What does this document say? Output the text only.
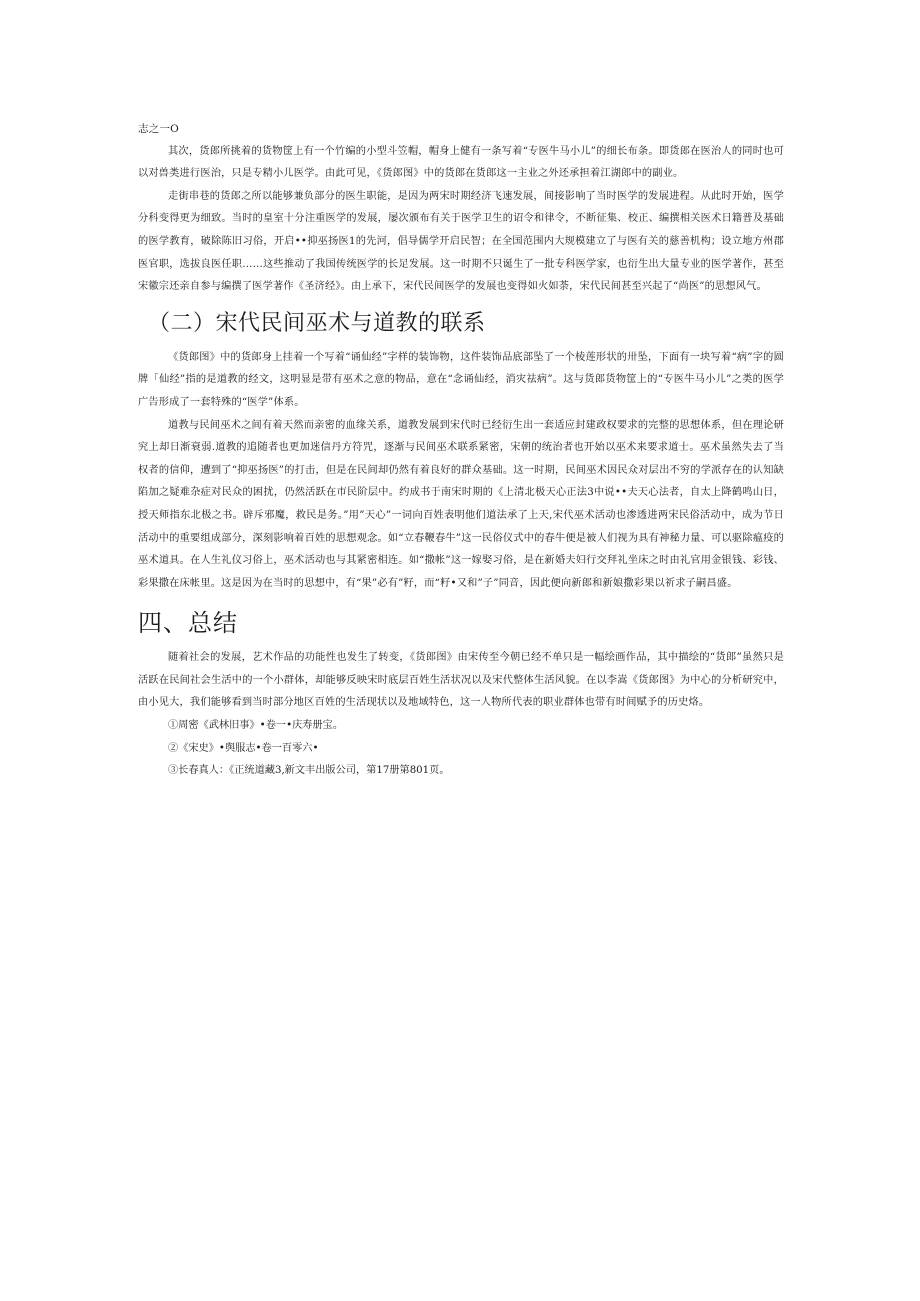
志之一O

其次，货郎所挑着的货物筐上有一个竹编的小型斗笠帽，帽身上健有一条写着“专医牛马小儿”的细长布条。即货郎在医治人的同时也可以对兽类进行医治，只是专精小儿医学。由此可见，《货郎图》中的货郎在货郎这一主业之外还承担着江湖郎中的副业。

走街串巷的货郎之所以能够兼负部分的医生职能，是因为两宋时期经济飞速发展，间接影响了当时医学的发展进程。从此时开始，医学分科变得更为细致。当时的皇室十分注重医学的发展，屡次颁布有关于医学卫生的诏令和律令，不断征集、校正、编撰相关医术日籍普及基础的医学教育，破除陈旧习俗，开启••抑巫扬医1的先河，倡导儒学开启民智；在全国范围内大规模建立了与医有关的慈善机构；设立地方州郡医官职，选拔良医任职……这些推动了我国传统医学的长足发展。这一时期不只诞生了一批专科医学家，也衍生出大量专业的医学著作，甚至宋徽宗还亲自参与编撰了医学著作《圣济经》。由上承下，宋代民间医学的发展也变得如火如荼，宋代民间甚至兴起了“尚医”的思想风气。

（二）宋代民间巫术与道教的联系

《货郎图》中的货郎身上挂着一个写着“诵仙经”字样的装饰物，这件装饰品底部坠了一个棱莲形状的卅坠，下面有一块写着“病”字的圆牌「仙经”指的是道教的经文，这明显是带有巫术之意的物品，意在“念诵仙经，消灾祛病”。这与货郎货物筐上的“专医牛马小儿”之类的医学广告形成了一套特殊的“医学”体系。

道教与民间巫术之间有着天然而亲密的血缘关系，道教发展到宋代时已经衍生出一套适应封建政权要求的完整的思想体系，但在理论研究上却日渐衰弱.道教的追随者也更加迷信丹方符咒，逐渐与民间巫术联系紧密，宋朝的统治者也开始以巫术来要求道士。巫术虽然失去了当权者的信仰，遭到了“抑巫扬医”的打击，但是在民间却仍然有着良好的群众基础。这一时期，民间巫术因民众对层出不穷的学派存在的认知缺陷加之疑难杂症对民众的困扰，仍然活跃在市民阶层中。约成书于南宋时期的《上清北极天心正法3中说••夫天心法者，自太上降鹤鸣山日，授天师指东北极之书。辟斥邪魔，救民是务。”用”天心”一词向百姓表明他们道法承了上天,宋代巫术活动也渗透进两宋民俗活动中，成为节日活动中的重要组成部分，深刻影响着百姓的思想观念。如“立春鞭春牛”这一民俗仪式中的春牛便是被人们视为具有神秘力量、可以驱除瘟疫的巫术道具。在人生礼仪习俗上，巫术活动也与其紧密相连。如“撒帐”这一嫁娶习俗，是在新婚夫妇行交拜礼坐床之时由礼官用金银钱、彩钱、彩果撒在床帐里。这是因为在当时的思想中，有“果”必有”籽，而“籽•又和”子”同音，因此便向新郎和新娘撒彩果以祈求子嗣昌盛。

四、总结

随着社会的发展，艺术作品的功能性也发生了转变，《货郎图》由宋传至今朝已经不单只是一幅绘画作品，其中描绘的“货郎”虽然只是活跃在民间社会生活中的一个小群体，却能够反映宋时底层百姓生活状况以及宋代整体生活风貌。在以李嵩《货郎图》为中心的分析研究中，由小见大，我们能够看到当时部分地区百姓的生活现状以及地域特色，这一人物所代表的职业群体也带有时间赋予的历史烙。

①周密《武林旧事》•卷一•庆寿册宝。

②《宋史》•舆服志•卷一百零六•

③长春真人：《正统道藏3,新文丰出版公司，第17册第801页。
